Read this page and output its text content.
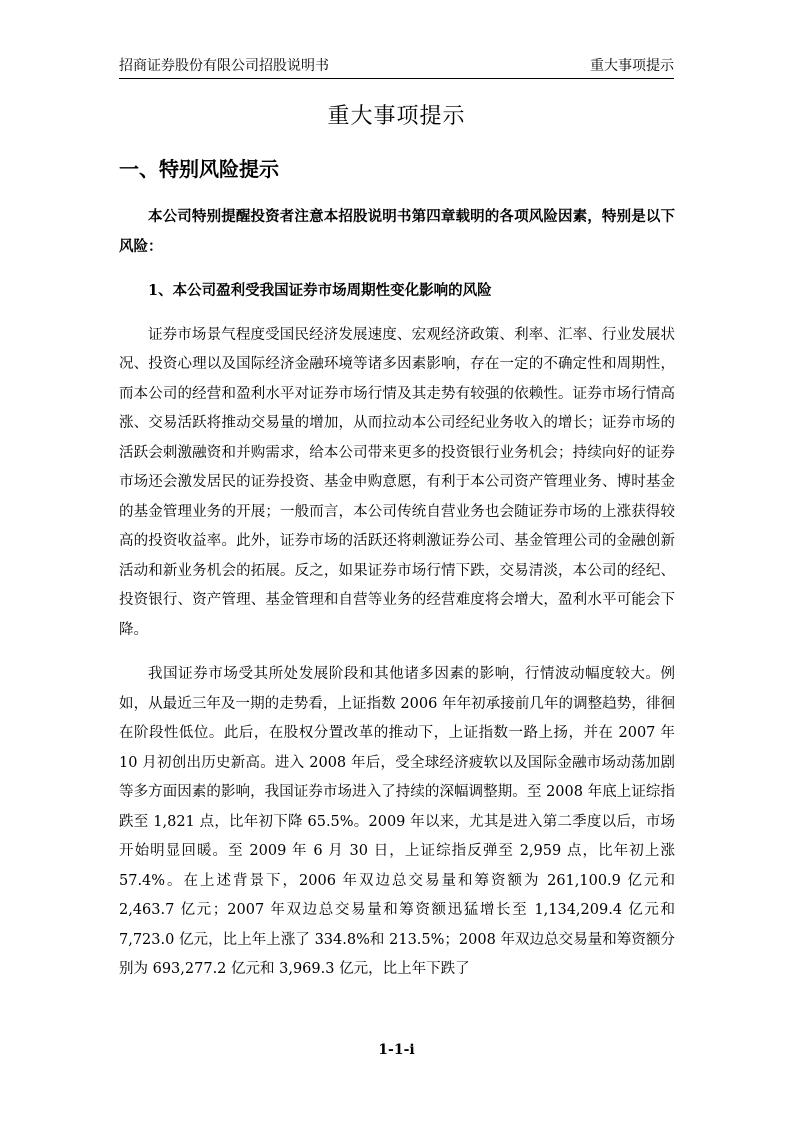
招商证券股份有限公司招股说明书	重大事项提示
重大事项提示
一、特别风险提示

本公司特别提醒投资者注意本招股说明书第四章载明的各项风险因素，特别是以下风险：

1、本公司盈利受我国证券市场周期性变化影响的风险

证券市场景气程度受国民经济发展速度、宏观经济政策、利率、汇率、行业发展状况、投资心理以及国际经济金融环境等诸多因素影响，存在一定的不确定性和周期性，而本公司的经营和盈利水平对证券市场行情及其走势有较强的依赖性。证券市场行情高涨、交易活跃将推动交易量的增加，从而拉动本公司经纪业务收入的增长；证券市场的活跃会刺激融资和并购需求，给本公司带来更多的投资银行业务机会；持续向好的证券市场还会激发居民的证券投资、基金申购意愿，有利于本公司资产管理业务、博时基金的基金管理业务的开展；一般而言，本公司传统自营业务也会随证券市场的上涨获得较高的投资收益率。此外，证券市场的活跃还将刺激证券公司、基金管理公司的金融创新活动和新业务机会的拓展。反之，如果证券市场行情下跌，交易清淡，本公司的经纪、投资银行、资产管理、基金管理和自营等业务的经营难度将会增大，盈利水平可能会下降。

我国证券市场受其所处发展阶段和其他诸多因素的影响，行情波动幅度较大。例如，从最近三年及一期的走势看，上证指数 2006 年年初承接前几年的调整趋势，徘徊在阶段性低位。此后，在股权分置改革的推动下，上证指数一路上扬，并在 2007 年 10 月初创出历史新高。进入 2008 年后，受全球经济疲软以及国际金融市场动荡加剧等多方面因素的影响，我国证券市场进入了持续的深幅调整期。至 2008 年底上证综指跌至 1,821 点，比年初下降 65.5%。2009 年以来，尤其是进入第二季度以后，市场开始明显回暖。至 2009 年 6 月 30 日，上证综指反弹至 2,959 点，比年初上涨 57.4%。在上述背景下，2006 年双边总交易量和筹资额为 261,100.9 亿元和 2,463.7 亿元；2007 年双边总交易量和筹资额迅猛增长至 1,134,209.4 亿元和 7,723.0 亿元，比上年上涨了 334.8%和 213.5%；2008 年双边总交易量和筹资额分别为 693,277.2 亿元和 3,969.3 亿元，比上年下跌了

1-1-i
